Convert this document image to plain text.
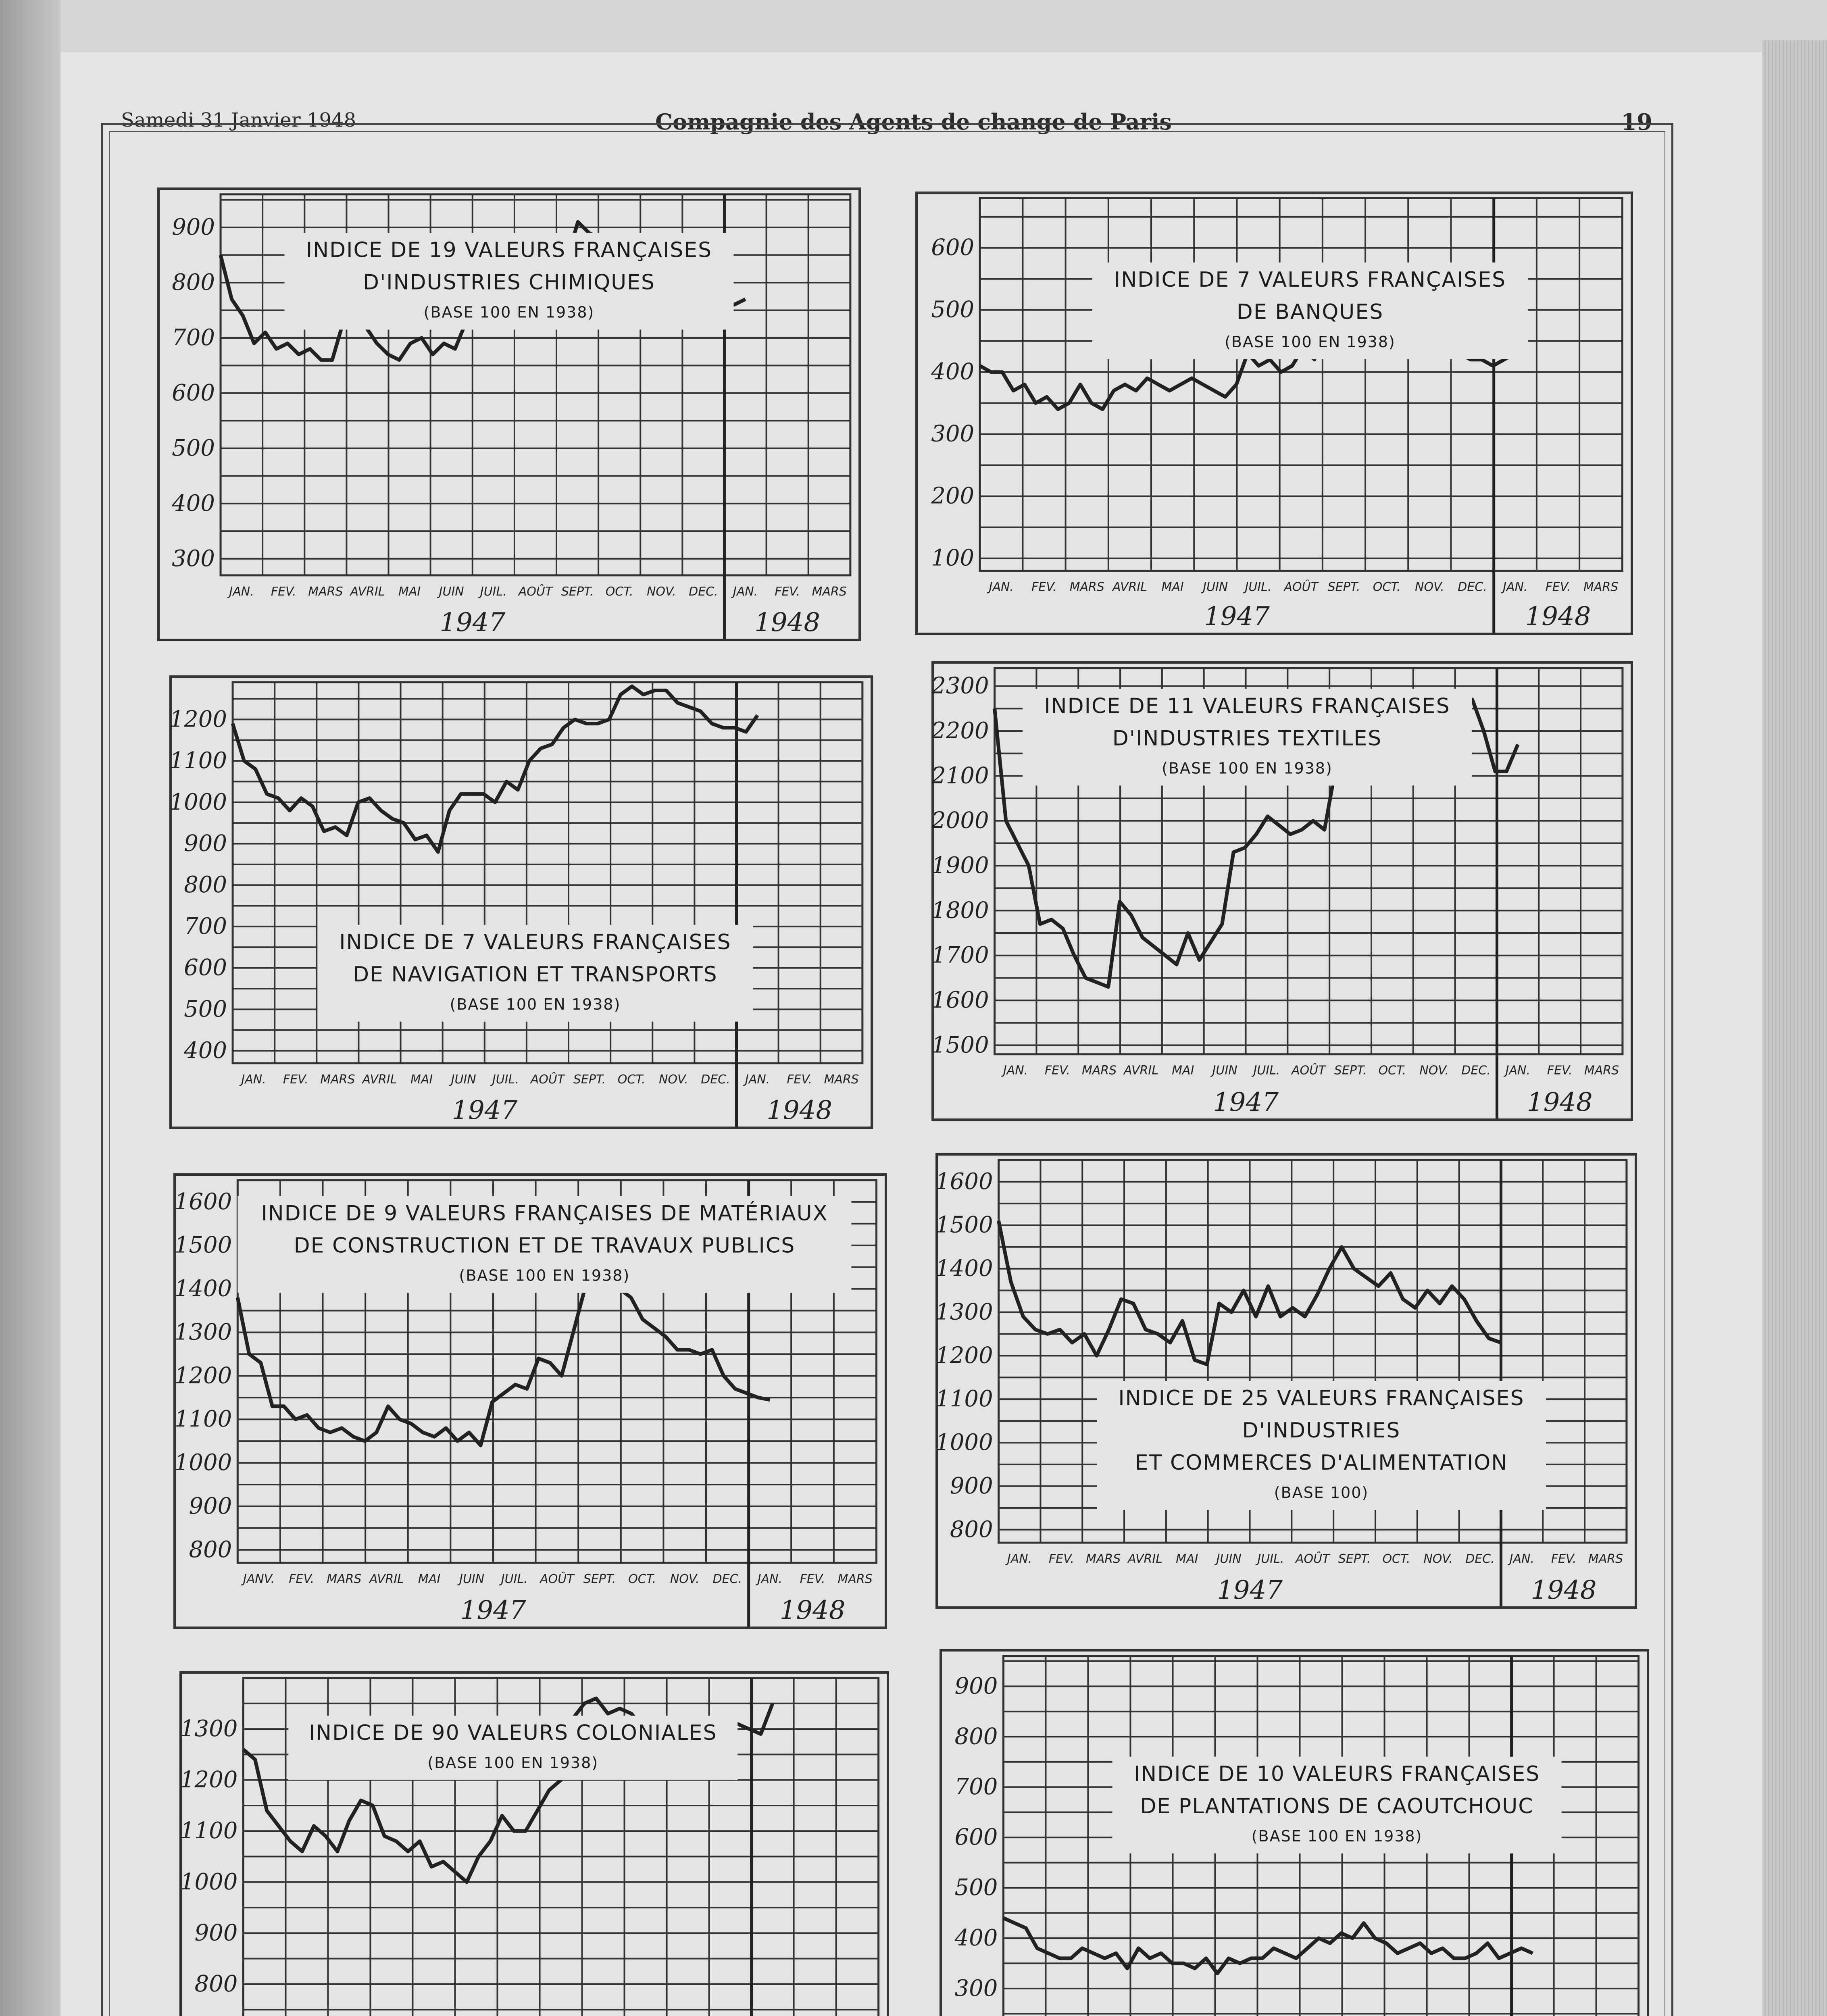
Samedi 31 Janvier 1948	Compagnie des Agents de change de Paris	19
300
400
500
600
700
800
900
JAN. FEV. MARS AVRIL MAI JUIN JUIL. AOÛT SEPT. OCT. NOV. DEC. JAN. FEV. MARS
1947	1948
INDICE DE 19 VALEURS FRANÇAISES
D'INDUSTRIES CHIMIQUES
(BASE 100 EN 1938)
100
200
300
400
500
600
JAN. FEV. MARS AVRIL MAI JUIN JUIL. AOÛT SEPT. OCT. NOV. DEC. JAN. FEV. MARS
1947	1948
INDICE DE 7 VALEURS FRANÇAISES
DE BANQUES
(BASE 100 EN 1938)
400
500
600
700
800
900
1000
1100
1200
JAN. FEV. MARS AVRIL MAI JUIN JUIL. AOÛT SEPT. OCT. NOV. DEC. JAN. FEV. MARS
1947	1948
INDICE DE 7 VALEURS FRANÇAISES
DE NAVIGATION ET TRANSPORTS
(BASE 100 EN 1938)
1500
1600
1700
1800
1900
2000
2100
2200
2300
JAN. FEV. MARS AVRIL MAI JUIN JUIL. AOÛT SEPT. OCT. NOV. DEC. JAN. FEV. MARS
1947	1948
INDICE DE 11 VALEURS FRANÇAISES
D'INDUSTRIES TEXTILES
(BASE 100 EN 1938)
800
900
1000
1100
1200
1300
1400
1500
1600
JANV. FEV. MARS AVRIL MAI JUIN JUIL. AOÛT SEPT. OCT. NOV. DEC. JAN. FEV. MARS
1947	1948
INDICE DE 9 VALEURS FRANÇAISES DE MATÉRIAUX
DE CONSTRUCTION ET DE TRAVAUX PUBLICS
(BASE 100 EN 1938)
800
900
1000
1100
1200
1300
1400
1500
1600
JAN. FEV. MARS AVRIL MAI JUIN JUIL. AOÛT SEPT. OCT. NOV. DEC. JAN. FEV. MARS
1947	1948
INDICE DE 25 VALEURS FRANÇAISES
D'INDUSTRIES
ET COMMERCES D'ALIMENTATION
(BASE 100)
800
900
1000
1100
1200
1300	INDICE DE 90 VALEURS COLONIALES
(BASE 100 EN 1938)
300
400
500
600
700
800
900
INDICE DE 10 VALEURS FRANÇAISES
DE PLANTATIONS DE CAOUTCHOUC
(BASE 100 EN 1938)
